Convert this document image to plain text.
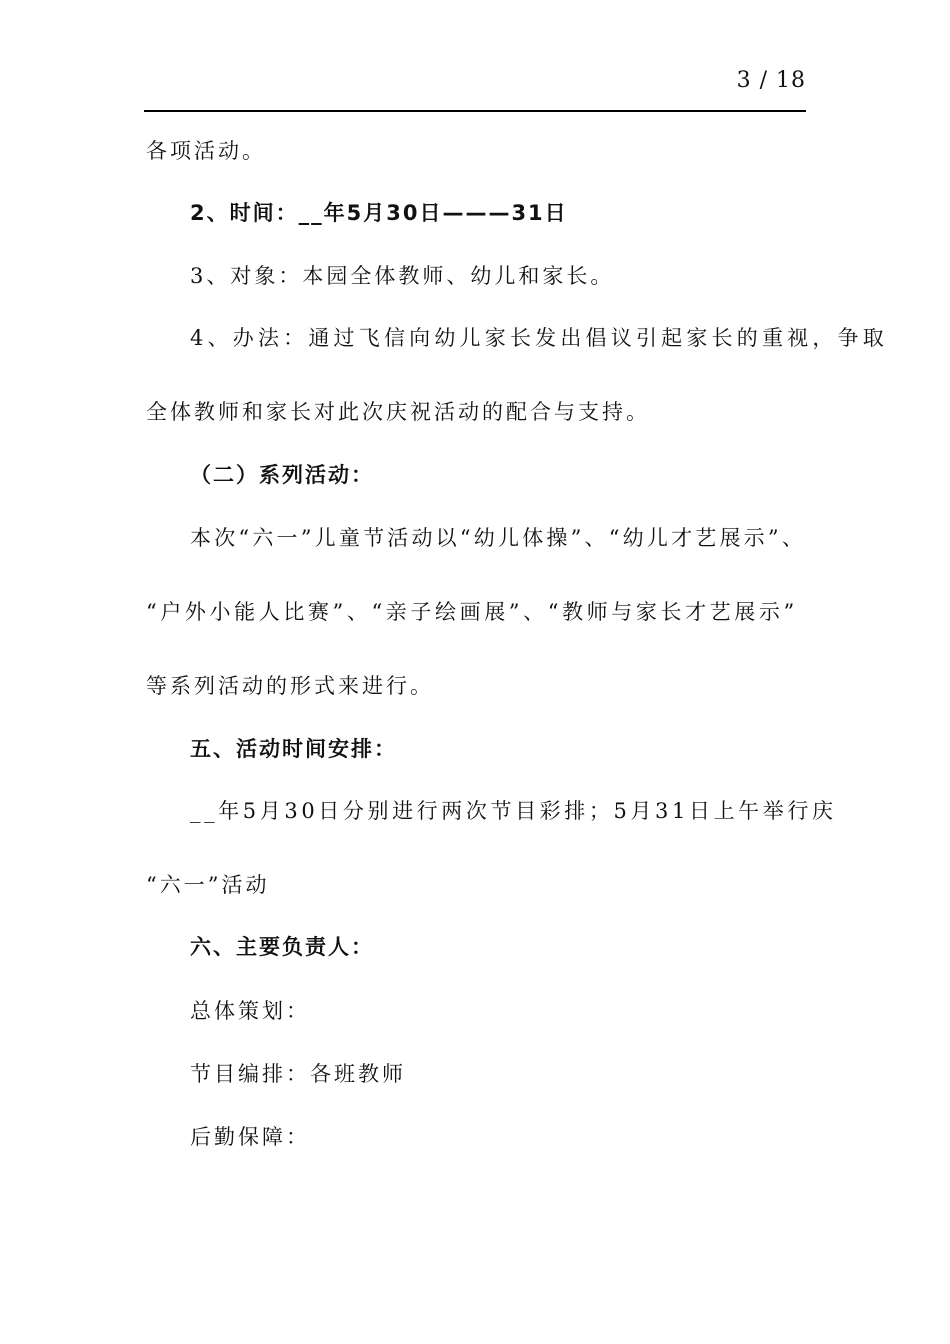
3 / 18
各项活动。
2、时间：__年5月30日———31日
3、对象：本园全体教师、幼儿和家长。
4、办法：通过飞信向幼儿家长发出倡议引起家长的重视，争取
全体教师和家长对此次庆祝活动的配合与支持。
（二）系列活动：
本次“六一”儿童节活动以“幼儿体操”、“幼儿才艺展示”、
“户外小能人比赛”、“亲子绘画展”、“教师与家长才艺展示”
等系列活动的形式来进行。
五、活动时间安排：
__年5月30日分别进行两次节目彩排；5月31日上午举行庆
“六一”活动
六、主要负责人：
总体策划：
节目编排：各班教师
后勤保障：
